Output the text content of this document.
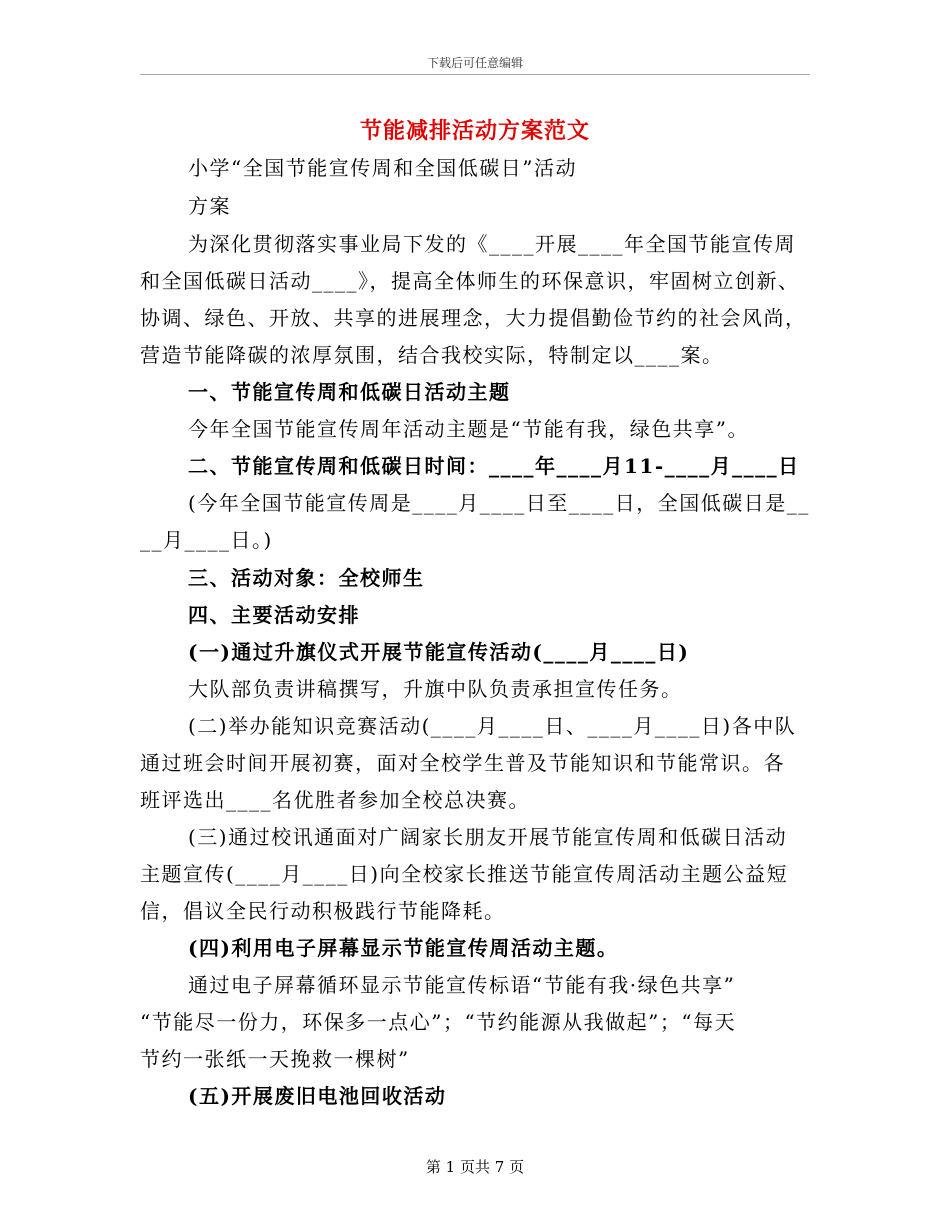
下载后可任意编辑
节能减排活动方案范文
小学“全国节能宣传周和全国低碳日”活动
方案
为深化贯彻落实事业局下发的《____开展____年全国节能宣传周
和全国低碳日活动____》，提高全体师生的环保意识，牢固树立创新、
协调、绿色、开放、共享的进展理念，大力提倡勤俭节约的社会风尚，
营造节能降碳的浓厚氛围，结合我校实际，特制定以____案。
一、节能宣传周和低碳日活动主题
今年全国节能宣传周年活动主题是“节能有我，绿色共享”。
二、节能宣传周和低碳日时间：____年____月11-____月____日
(今年全国节能宣传周是____月____日至____日，全国低碳日是__
__月____日。)
三、活动对象：全校师生
四、主要活动安排
(一)通过升旗仪式开展节能宣传活动(____月____日)
大队部负责讲稿撰写，升旗中队负责承担宣传任务。
(二)举办能知识竞赛活动(____月____日、____月____日)各中队
通过班会时间开展初赛，面对全校学生普及节能知识和节能常识。各
班评选出____名优胜者参加全校总决赛。
(三)通过校讯通面对广阔家长朋友开展节能宣传周和低碳日活动
主题宣传(____月____日)向全校家长推送节能宣传周活动主题公益短
信，倡议全民行动积极践行节能降耗。
(四)利用电子屏幕显示节能宣传周活动主题。
通过电子屏幕循环显示节能宣传标语“节能有我·绿色共享”
“节能尽一份力，环保多一点心”；“节约能源从我做起”；“每天
节约一张纸一天挽救一棵树”
(五)开展废旧电池回收活动
第 1 页共 7 页
